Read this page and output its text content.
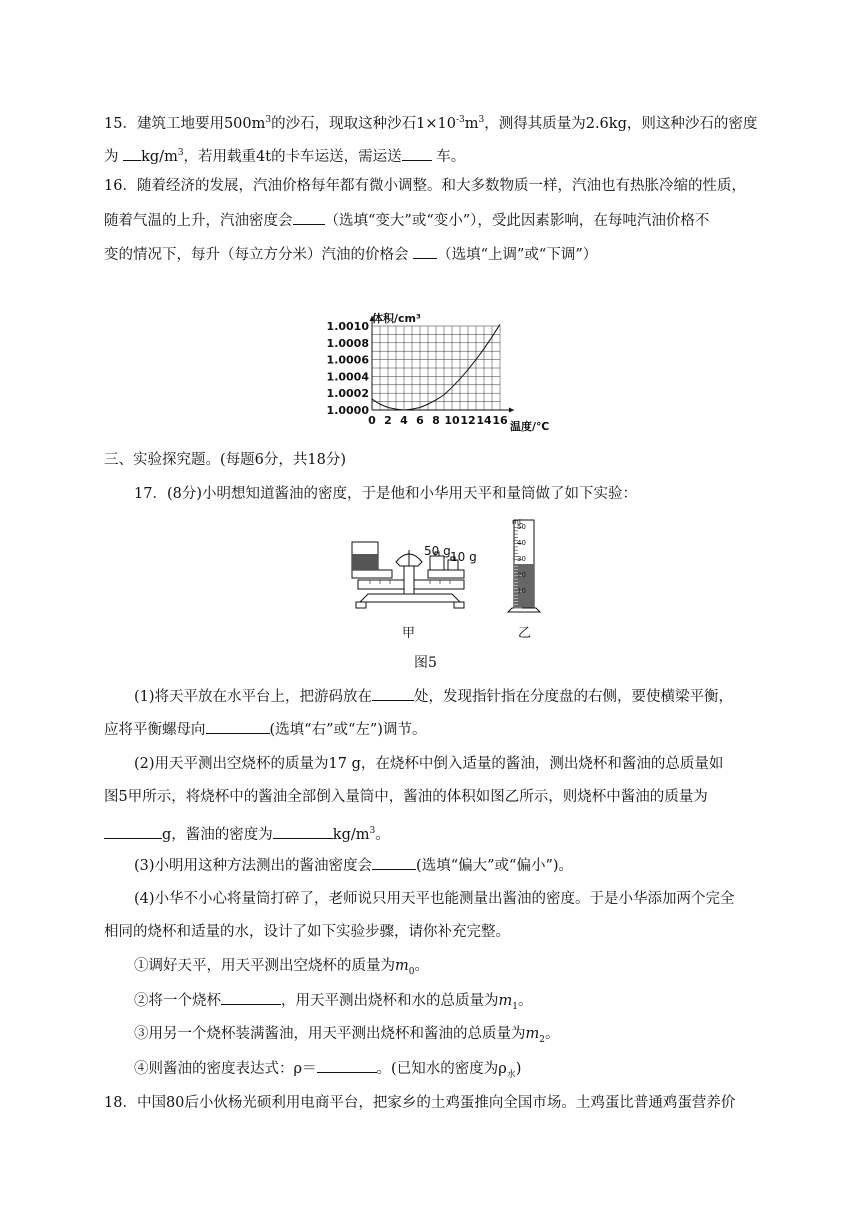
15．建筑工地要用$500m^3$的沙石，现取这种沙石$1\times 10^{-3}m^3$，测得其质量为2.6kg，则这种沙石的密度
为 $kg/m^3$，若用载重4t的卡车运送，需运送 车。
16．随着经济的发展，汽油价格每年都有微小调整。和大多数物质一样，汽油也有热胀冷缩的性质，
随着气温的上升，汽油密度会 （选填“变大”或“变小”），受此因素影响，在每吨汽油价格不
变的情况下，每升（每立方分米）汽油的价格会 （选填“上调”或“下调”）
0 2 4 6 8 10 12 14 16
1.0000
1.0002
1.0004
1.0006
1.0008
1.0010
体积/cm³
温度/℃
三、实验探究题。(每题6分，共18分)
17．(8分)小明想知道酱油的密度，于是他和小华用天平和量筒做了如下实验：
50 g 10 g
mL
50
40
30
20
10
甲	乙
图5
(1)将天平放在水平台上，把游码放在	处，发现指针指在分度盘的右侧，要使横梁平衡，
应将平衡螺母向	(选填“右”或“左”)调节。
(2)用天平测出空烧杯的质量为17 g，在烧杯中倒入适量的酱油，测出烧杯和酱油的总质量如
图5甲所示，将烧杯中的酱油全部倒入量筒中，酱油的体积如图乙所示，则烧杯中酱油的质量为
g，酱油的密度为	$kg/m^3$。
(3)小明用这种方法测出的酱油密度会	(选填“偏大”或“偏小”)。
(4)小华不小心将量筒打碎了，老师说只用天平也能测量出酱油的密度。于是小华添加两个完全
相同的烧杯和适量的水，设计了如下实验步骤，请你补充完整。
①调好天平，用天平测出空烧杯的质量为$m_0$。
②将一个烧杯	，用天平测出烧杯和水的总质量为$m_1$。
③用另一个烧杯装满酱油，用天平测出烧杯和酱油的总质量为$m_2$。
④则酱油的密度表达式：ρ＝	。(已知水的密度为$\rho_水$)
18．中国80后小伙杨光硕利用电商平台，把家乡的土鸡蛋推向全国市场。土鸡蛋比普通鸡蛋营养价
